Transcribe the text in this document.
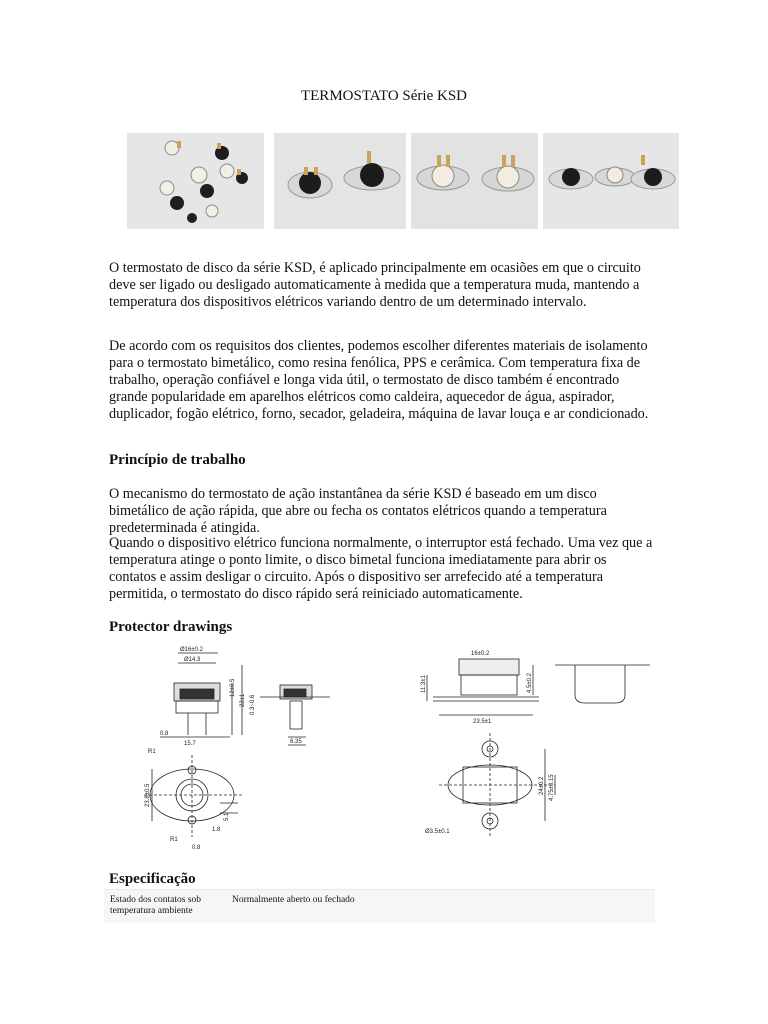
TERMOSTATO Série KSD

O termostato de disco da série KSD, é aplicado principalmente em ocasiões em que o circuito deve ser ligado ou desligado automaticamente à medida que a temperatura muda, mantendo a temperatura dos dispositivos elétricos variando dentro de um determinado intervalo.

De acordo com os requisitos dos clientes, podemos escolher diferentes materiais de isolamento para o termostato bimetálico, como resina fenólica, PPS e cerâmica. Com temperatura fixa de trabalho, operação confiável e longa vida útil, o termostato de disco também é encontrado grande popularidade em aparelhos elétricos como caldeira, aquecedor de água, aspirador, duplicador, fogão elétrico, forno, secador, geladeira, máquina de lavar louça e ar condicionado.

Princípio de trabalho

O mecanismo do termostato de ação instantânea da série KSD é baseado em um disco bimetálico de ação rápida, que abre ou fecha os contatos elétricos quando a temperatura predeterminada é atingida.

Quando o dispositivo elétrico funciona normalmente, o interruptor está fechado. Uma vez que a temperatura atinge o ponto limite, o disco bimetal funciona imediatamente para abrir os contatos e assim desligar o circuito. Após o dispositivo ser arrefecido até a temperatura permitida, o termostato do disco rápido será reiniciado automaticamente.

Protector drawings
Ø16±0.2
Ø14.3
12±0.5
22±1
0.8
15.7
0.3~0.6
6.35
R1
23.8±0.5
5.1
1.8
R1
0.8
16±0.2
11.3±1	4.5±0.2
23.5±1
24±0.2 4.75±0.15
Ø3.5±0.1
Especificação
Estado dos contatos sob temperatura ambiente
Normalmente aberto ou fechado
